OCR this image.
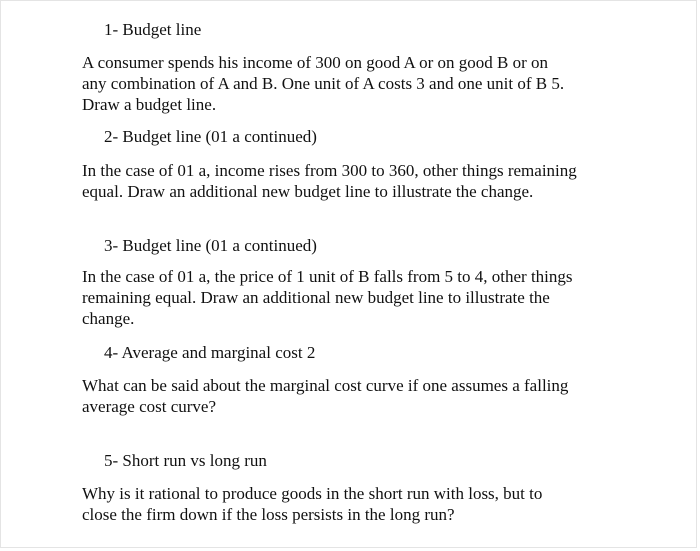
1- Budget line
A consumer spends his income of 300 on good A or on good B or on
any combination of A and B. One unit of A costs 3 and one unit of B 5.
Draw a budget line.
2- Budget line (01 a continued)
In the case of 01 a, income rises from 300 to 360, other things remaining
equal. Draw an additional new budget line to illustrate the change.
3- Budget line (01 a continued)
In the case of 01 a, the price of 1 unit of B falls from 5 to 4, other things
remaining equal. Draw an additional new budget line to illustrate the
change.
4- Average and marginal cost 2
What can be said about the marginal cost curve if one assumes a falling
average cost curve?
5- Short run vs long run
Why is it rational to produce goods in the short run with loss, but to
close the firm down if the loss persists in the long run?
